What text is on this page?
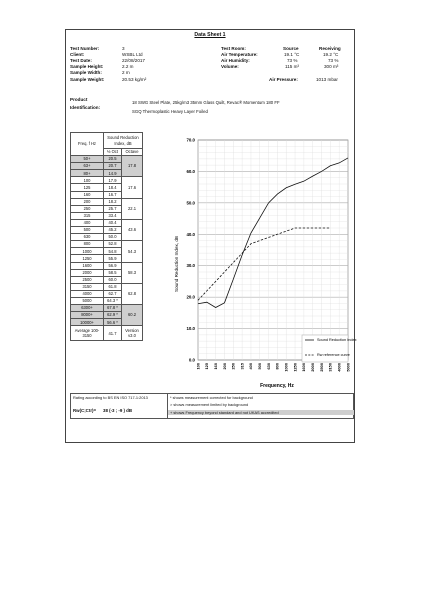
Data Sheet 1
Test Number:	3
Client:	WSBL Ltd
Test Date:	22/08/2017
Sample Height:	2.2 m
Sample Width:	2 m
Sample Weight:	20.53 kg/m²
Test Room:	Source	Receiving
Air Temperature:	19.1 °C	19.2 °C
Air Humidity:	73 %	73 %
Volume:	115 m³	300 m³
Air Pressure:	1013 mbar
Product
Identification:
18 SWG Steel Plate, 25kg/m3 35mm Glass Quilt, Revac® Momentum 180 FF
SGQ Thermoplastic Heavy Layer Foiled
Freq. f Hz	Sound Reduction Index, dB	
	⅓ Oct	Octave
50+	20.5	17.8
63+	20.7	
80+	14.9	
100	17.9	17.6
125	18.4	
160	16.7	
200	18.2	22.1
250	25.7	
315	33.4	
400	40.4	43.6
500	45.2	
630	50.0	
800	52.8	54.3
1000	54.8	
1250	55.9	
1600	56.9	58.3
2000	58.5	
2500	60.0	
3150	61.8	62.8
4000	62.7	
5000	64.3 *	
6300+	67.8 *	60.2
8000+	62.9 *	
10000+	56.6 *	
Average 100-3150	41.7	Version v3.0
Sound Reduction Index, dB
Frequency, Hz
0.0
10.0
20.0
30.0
40.0
50.0
60.0
70.0
100 125 160 200 250 315 400 500 630 800 1000 1250 1600 2000 2500 3150 4000 5000
Sound Reduction Index
Rw reference curve
Rating according to BS EN ISO 717-1:2013
Rw(C;Ctr)= 38 (-3 ; -9 ) dB
* shows measurement corrected for background
> shows measurement limited by background
+ shows Frequency beyond standard and not UKAS accredited
